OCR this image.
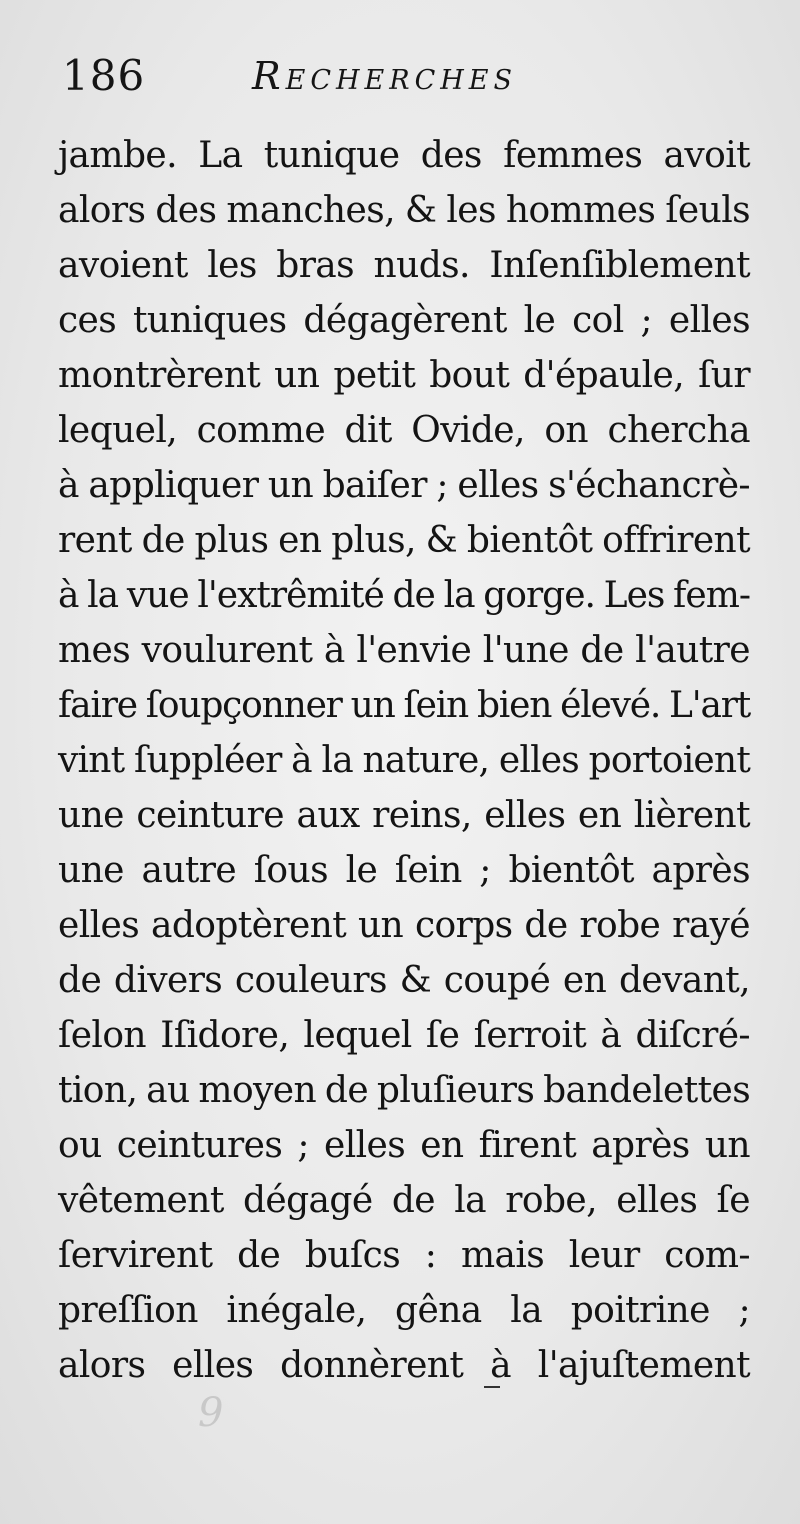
186	Recherches
jambe. La tunique des femmes avoit
alors des manches, & les hommes ſeuls
avoient les bras nuds. Inſenſiblement
ces tuniques dégagèrent le col ; elles
montrèrent un petit bout d'épaule, ſur
lequel, comme dit Ovide, on chercha
à appliquer un baiſer ; elles s'échancrè-
rent de plus en plus, & bientôt offrirent
à la vue l'extrêmité de la gorge. Les fem-
mes voulurent à l'envie l'une de l'autre
faire ſoupçonner un ſein bien élevé. L'art
vint ſuppléer à la nature, elles portoient
une ceinture aux reins, elles en lièrent
une autre ſous le ſein ; bientôt après
elles adoptèrent un corps de robe rayé
de divers couleurs & coupé en devant,
ſelon Iſidore, lequel ſe ſerroit à diſcré-
tion, au moyen de pluſieurs bandelettes
ou ceintures ; elles en firent après un
vêtement dégagé de la robe, elles ſe
ſervirent de buſcs : mais leur com-
preſſion inégale, gêna la poitrine ;
alors elles donnèrent à l'ajuſtement
9
